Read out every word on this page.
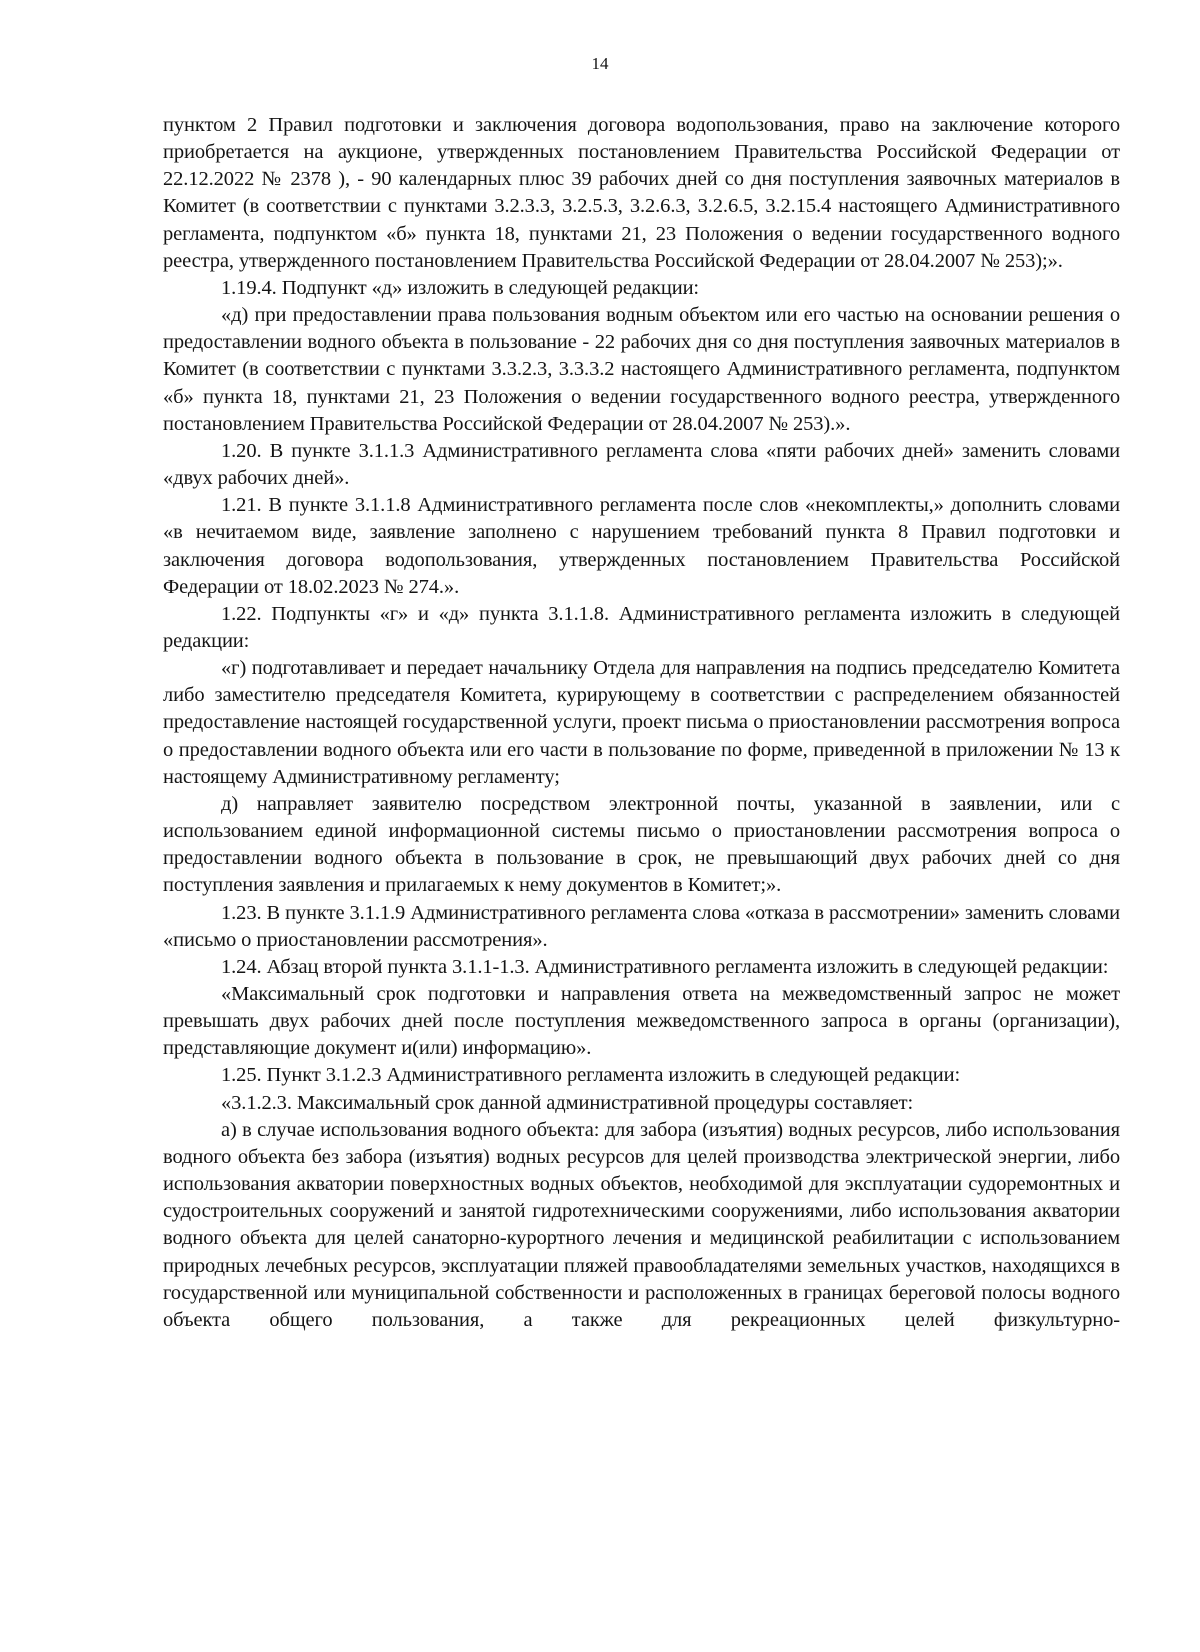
14

пунктом 2 Правил подготовки и заключения договора водопользования, право на заключение которого приобретается на аукционе, утвержденных постановлением Правительства Российской Федерации от 22.12.2022 № 2378 ), - 90 календарных плюс 39 рабочих дней со дня поступления заявочных материалов в Комитет (в соответствии с пунктами 3.2.3.3, 3.2.5.3, 3.2.6.3, 3.2.6.5, 3.2.15.4 настоящего Административного регламента, подпунктом «б» пункта 18, пунктами 21, 23 Положения о ведении государственного водного реестра, утвержденного постановлением Правительства Российской Федерации от 28.04.2007 № 253);».

1.19.4. Подпункт «д» изложить в следующей редакции:

«д) при предоставлении права пользования водным объектом или его частью на основании решения о предоставлении водного объекта в пользование - 22 рабочих дня со дня поступления заявочных материалов в Комитет (в соответствии с пунктами 3.3.2.3, 3.3.3.2 настоящего Административного регламента, подпунктом «б» пункта 18, пунктами 21, 23 Положения о ведении государственного водного реестра, утвержденного постановлением Правительства Российской Федерации от 28.04.2007 № 253).».

1.20. В пункте 3.1.1.3 Административного регламента слова «пяти рабочих дней» заменить словами «двух рабочих дней».

1.21. В пункте 3.1.1.8 Административного регламента после слов «некомплекты,» дополнить словами «в нечитаемом виде, заявление заполнено с нарушением требований пункта 8 Правил подготовки и заключения договора водопользования, утвержденных постановлением Правительства Российской Федерации от 18.02.2023 № 274.».

1.22. Подпункты «г» и «д» пункта 3.1.1.8. Административного регламента изложить в следующей редакции:

«г) подготавливает и передает начальнику Отдела для направления на подпись председателю Комитета либо заместителю председателя Комитета, курирующему в соответствии с распределением обязанностей предоставление настоящей государственной услуги, проект письма о приостановлении рассмотрения вопроса о предоставлении водного объекта или его части в пользование по форме, приведенной в приложении № 13 к настоящему Административному регламенту;

д) направляет заявителю посредством электронной почты, указанной в заявлении, или с использованием единой информационной системы письмо о приостановлении рассмотрения вопроса о предоставлении водного объекта в пользование в срок, не превышающий двух рабочих дней со дня поступления заявления и прилагаемых к нему документов в Комитет;».

1.23. В пункте 3.1.1.9 Административного регламента слова «отказа в рассмотрении» заменить словами «письмо о приостановлении рассмотрения».

1.24. Абзац второй пункта 3.1.1-1.3. Административного регламента изложить в следующей редакции:

«Максимальный срок подготовки и направления ответа на межведомственный запрос не может превышать двух рабочих дней после поступления межведомственного запроса в органы (организации), представляющие документ и(или) информацию».

1.25. Пункт 3.1.2.3 Административного регламента изложить в следующей редакции:

«3.1.2.3. Максимальный срок данной административной процедуры составляет:

а) в случае использования водного объекта: для забора (изъятия) водных ресурсов, либо использования водного объекта без забора (изъятия) водных ресурсов для целей производства электрической энергии, либо использования акватории поверхностных водных объектов, необходимой для эксплуатации судоремонтных и судостроительных сооружений и занятой гидротехническими сооружениями, либо использования акватории водного объекта для целей санаторно-курортного лечения и медицинской реабилитации с использованием природных лечебных ресурсов, эксплуатации пляжей правообладателями земельных участков, находящихся в государственной или муниципальной собственности и расположенных в границах береговой полосы водного объекта общего пользования, а также для рекреационных целей физкультурно-
